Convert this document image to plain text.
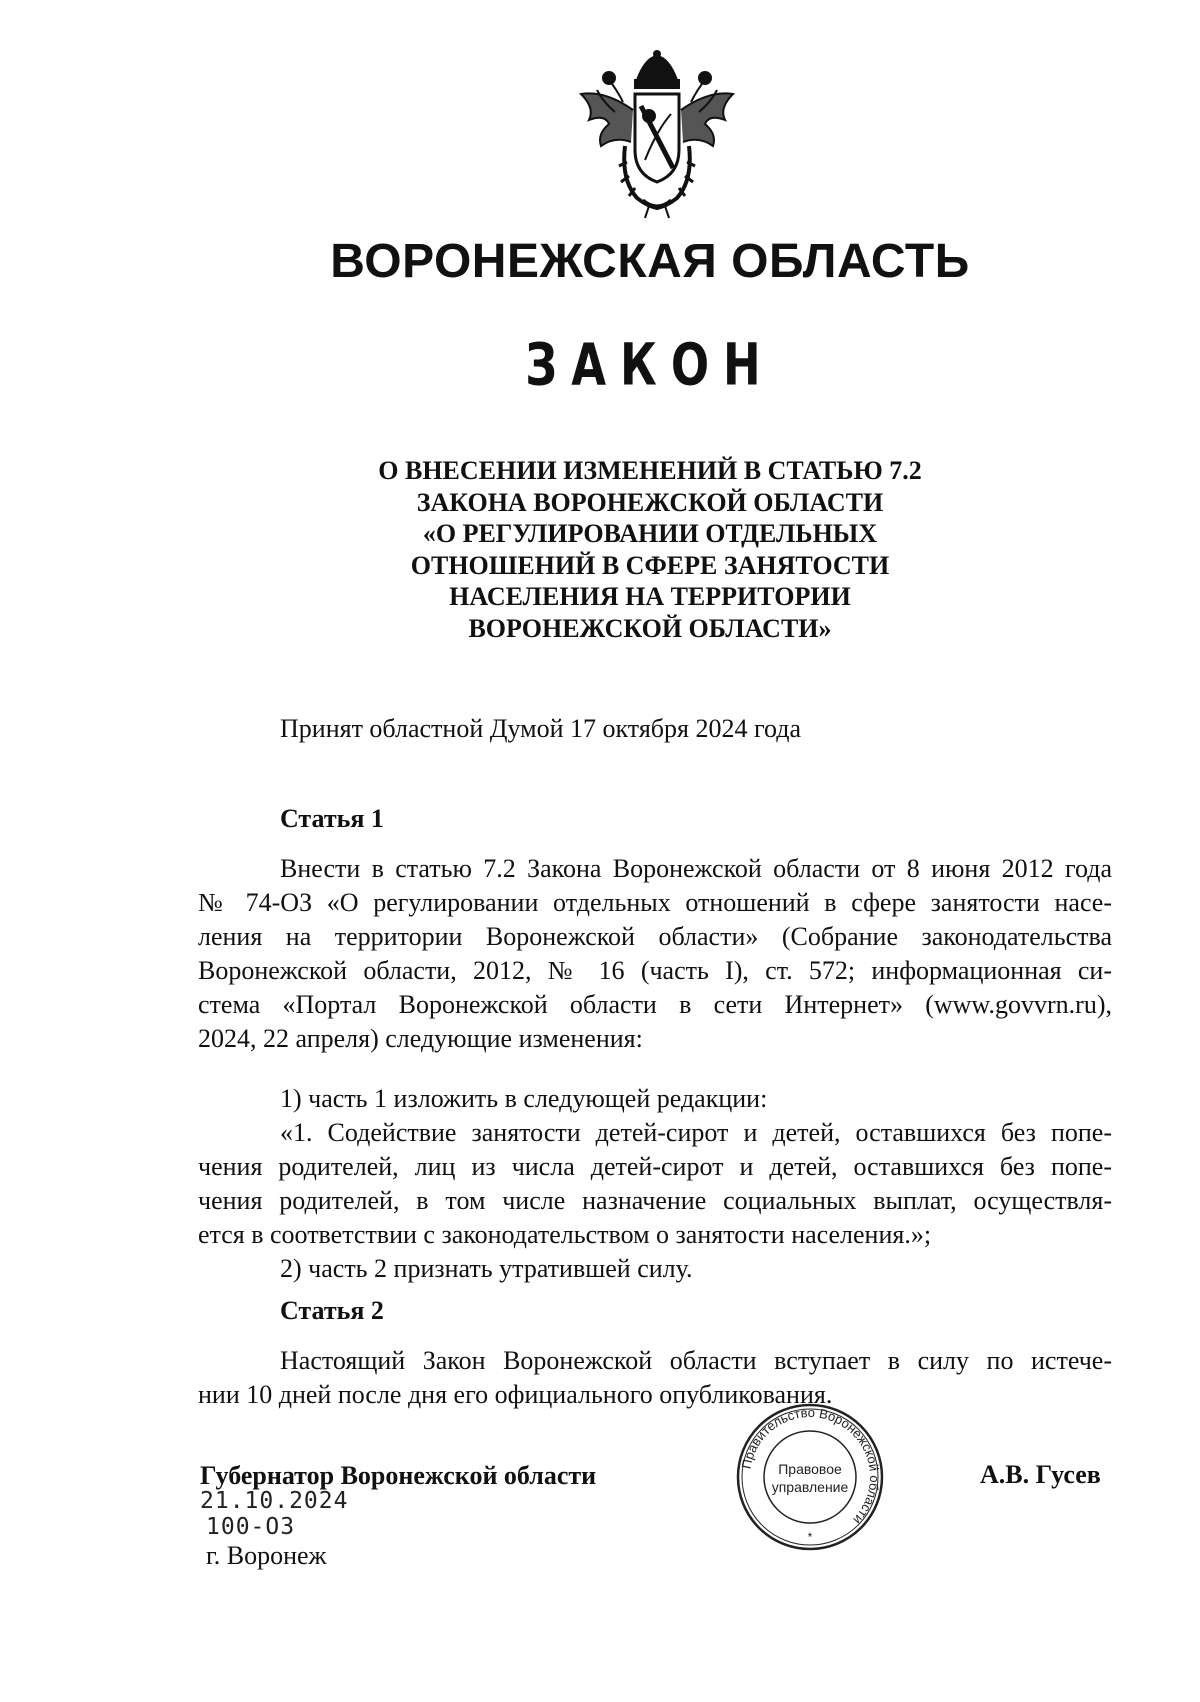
ВОРОНЕЖСКАЯ ОБЛАСТЬ
ЗАКОН
О ВНЕСЕНИИ ИЗМЕНЕНИЙ В СТАТЬЮ 7.2
ЗАКОНА ВОРОНЕЖСКОЙ ОБЛАСТИ
«О РЕГУЛИРОВАНИИ ОТДЕЛЬНЫХ
ОТНОШЕНИЙ В СФЕРЕ ЗАНЯТОСТИ
НАСЕЛЕНИЯ НА ТЕРРИТОРИИ
ВОРОНЕЖСКОЙ ОБЛАСТИ»
Принят областной Думой 17 октября 2024 года
Статья 1
Внести в статью 7.2 Закона Воронежской области от 8 июня 2012 года
№ 74-ОЗ «О регулировании отдельных отношений в сфере занятости насе-
ления на территории Воронежской области» (Собрание законодательства
Воронежской области, 2012, № 16 (часть I), ст. 572; информационная си-
стема «Портал Воронежской области в сети Интернет» (www.govvrn.ru),
2024, 22 апреля) следующие изменения:
1) часть 1 изложить в следующей редакции:
«1. Содействие занятости детей-сирот и детей, оставшихся без попе-
чения родителей, лиц из числа детей-сирот и детей, оставшихся без попе-
чения родителей, в том числе назначение социальных выплат, осуществля-
ется в соответствии с законодательством о занятости населения.»;
2) часть 2 признать утратившей силу.
Статья 2
Настоящий Закон Воронежской области вступает в силу по истече-
нии 10 дней после дня его официального опубликования.
Губернатор Воронежской области
21.10.2024
100-ОЗ
г. Воронеж
А.В. Гусев
Правительство Воронежской области
Правовое
управление
*
